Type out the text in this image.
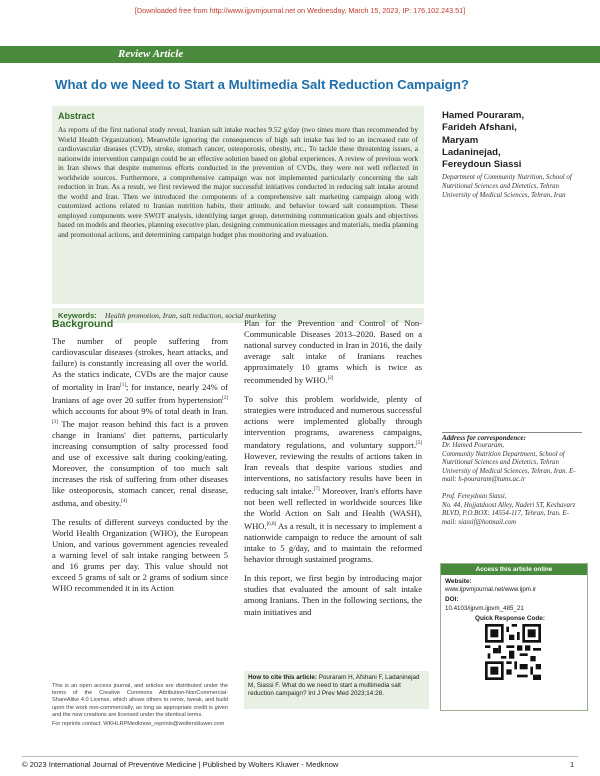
[Downloaded free from http://www.ijpvmjournal.net on Wednesday, March 15, 2023, IP: 176.102.243.51]
Review Article
What do we Need to Start a Multimedia Salt Reduction Campaign?
Abstract
As reports of the first national study reveal, Iranian salt intake reaches 9.52 g/day (two times more than recommended by World Health Organization). Meanwhile ignoring the consequences of high salt intake has led to an increased rate of cardiovascular diseases (CVD), stroke, stomach cancer, osteoporosis, obesity, etc., To tackle these threatening issues, a nationwide intervention campaign could be an effective solution based on global experiences. A review of previous work in Iran shows that despite numerous efforts conducted in the prevention of CVDs, they were not well reflected in worldwide sources. Furthermore, a comprehensive campaign was not implemented particularly concerning the salt reduction in Iran. As a result, we first reviewed the major successful initiatives conducted in reducing salt intake around the world and Iran. Then we introduced the components of a comprehensive salt marketing campaign along with customized actions related to Iranian nutrition habits, their attitude, and behavior toward salt consumption. These employed components were SWOT analysis, identifying target group, determining communication goals and objectives based on models and theories, planning executive plan, designing communication messages and materials, media planning and promotional actions, and determining campaign budget plus monitoring and evaluation.
Keywords: Health promotion, Iran, salt reduction, social marketing
Hamed Pouraram,
Farideh Afshani,
Maryam
Ladaninejad,
Fereydoun Siassi
Department of Community Nutrition, School of Nutritional Sciences and Dietetics, Tehran University of Medical Sciences, Tehran, Iran
Background

The number of people suffering from cardiovascular diseases (strokes, heart attacks, and failure) is constantly increasing all over the world. As the statics indicate, CVDs are the major cause of mortality in Iran[1]; for instance, nearly 24% of Iranians of age over 20 suffer from hypertension[2] which accounts for about 9% of total death in Iran.[3] The major reason behind this fact is a proven change in Iranians' diet patterns, particularly increasing consumption of salty processed food and use of excessive salt during cooking/eating. Moreover, the consumption of too much salt increases the risk of suffering from other diseases like osteoporosis, stomach cancer, renal disease, asthma, and obesity.[4]

The results of different surveys conducted by the World Health Organization (WHO), the European Union, and various government agencies revealed a warning level of salt intake ranging between 5 and 16 grams per day. This value should not exceed 5 grams of salt or 2 grams of sodium since WHO recommended it in its Action

Plan for the Prevention and Control of Non-Communicable Diseases 2013–2020. Based on a national survey conducted in Iran in 2016, the daily average salt intake of Iranians reaches approximately 10 grams which is twice as recommended by WHO.[2]

To solve this problem worldwide, plenty of strategies were introduced and numerous successful actions were implemented globally through intervention programs, awareness campaigns, mandatory regulations, and voluntary support.[5] However, reviewing the results of actions taken in Iran reveals that despite various studies and interventions, no satisfactory results have been in reducing salt intake.[7] Moreover, Iran's efforts have not been well reflected in worldwide sources like the World Action on Salt and Health (WASH), WHO.[6,8] As a result, it is necessary to implement a nationwide campaign to reduce the amount of salt intake to 5 g/day, and to maintain the reformed behavior through sustained programs.

In this report, we first begin by introducing major studies that evaluated the amount of salt intake among Iranians. Then in the following sections, the main initiatives and

Address for correspondence:
Dr. Hamed Pouraram,
Community Nutrition Department, School of Nutritional Sciences and Dietetics, Tehran University of Medical Sciences, Tehran, Iran. E-mail: h-pouraram@tums.ac.ir
Prof. Fereydoun Siassi,
No. 44, Hojjatdoost Alley, Naderi ST, Keshavarz BLVD, P.O.BOX: 14554-117, Tehran, Iran. E-mail: siassif@hotmail.com
Access this article online
Website:
www.ijpvmjournal.net/www.ijpm.ir
DOI:
10.4103/ijpvm.ijpvm_485_21
Quick Response Code:
How to cite this article: Pouraram H, Afshani F, Ladaninejad M, Siassi F. What do we need to start a multimedia salt reduction campaign? Int J Prev Med 2023;14:28.
This is an open access journal, and articles are distributed under the terms of the Creative Commons Attribution-NonCommercial-ShareAlike 4.0 License, which allows others to remix, tweak, and build upon the work non-commercially, as long as appropriate credit is given and the new creations are licensed under the identical terms.
For reprints contact: WKHLRPMedknow_reprints@wolterskluwer.com
© 2023 International Journal of Preventive Medicine | Published by Wolters Kluwer - Medknow	1
